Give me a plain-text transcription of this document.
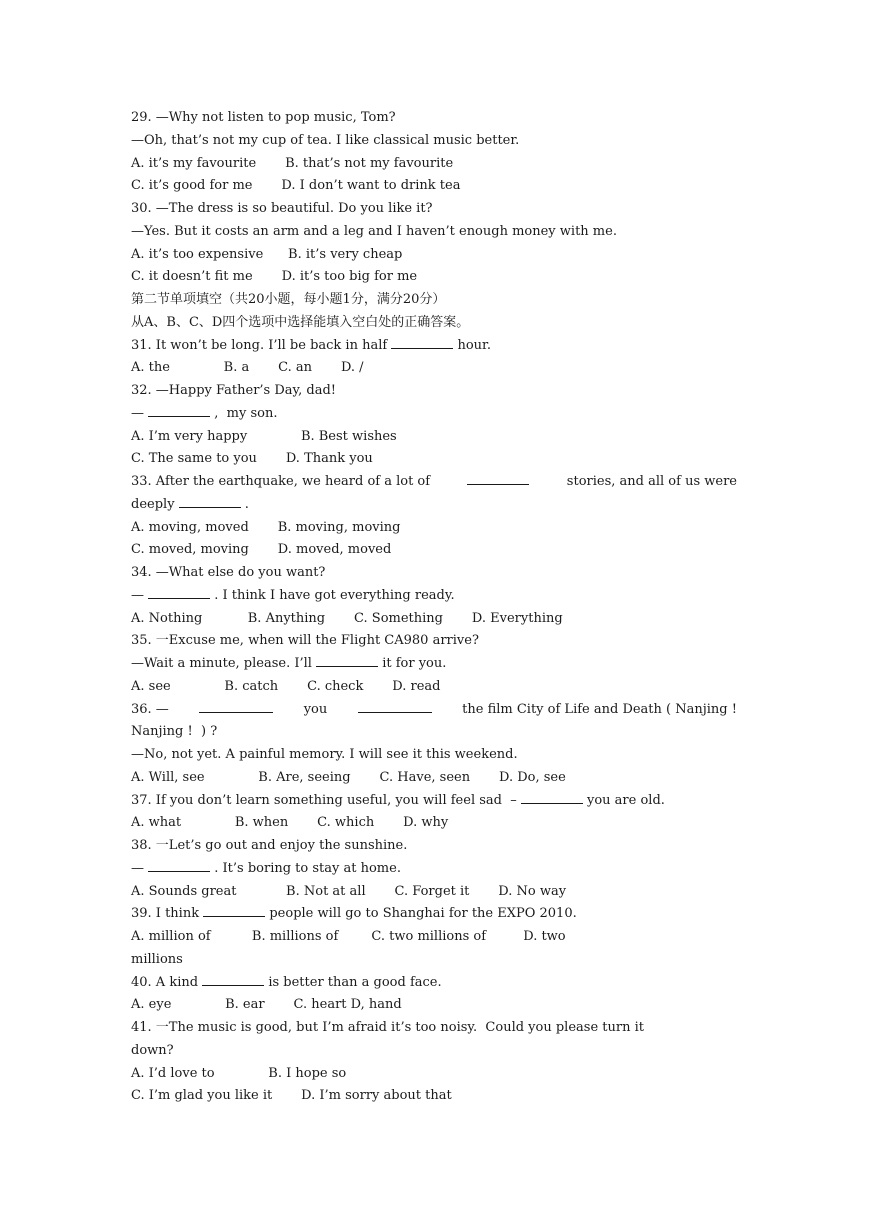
29. —Why not listen to pop music, Tom?
—Oh, that’s not my cup of tea. I like classical music better.
A. it’s my favourite       B. that’s not my favourite
C. it’s good for me       D. I don’t want to drink tea
30. —The dress is so beautiful. Do you like it?
—Yes. But it costs an arm and a leg and I haven’t enough money with me.
A. it’s too expensive      B. it’s very cheap
C. it doesn’t fit me       D. it’s too big for me
第二节单项填空（共20小题，每小题1分，满分20分）
从A、B、C、D四个选项中选择能填入空白处的正确答案。
31. It won’t be long. I’ll be back in half	hour.
A. the             B. a       C. an       D. /
32. —Happy Father’s Day, dad!
—	,  my son.
A. I’m very happy             B. Best wishes
C. The same to you       D. Thank you
33. After the earthquake, we heard of a lot of	stories, and all of us were
deeply	.
A. moving, moved       B. moving, moving
C. moved, moving       D. moved, moved
34. —What else do you want?
—	. I think I have got everything ready.
A. Nothing           B. Anything       C. Something       D. Everything
35. 一Excuse me, when will the Flight CA980 arrive?
—Wait a minute, please. I’ll	it for you.
A. see             B. catch       C. check       D. read
36. —	you	the film City of Life and Death ( Nanjing !
Nanjing !  ) ?
—No, not yet. A painful memory. I will see it this weekend.
A. Will, see             B. Are, seeing       C. Have, seen       D. Do, see
37. If you don’t learn something useful, you will feel sad  –	you are old.
A. what             B. when       C. which       D. why
38. 一Let’s go out and enjoy the sunshine.
—	. It’s boring to stay at home.
A. Sounds great            B. Not at all       C. Forget it       D. No way
39. I think	people will go to Shanghai for the EXPO 2010.
A. million of          B. millions of        C. two millions of         D. two
millions
40. A kind	is better than a good face.
A. eye             B. ear       C. heart D, hand
41. 一The music is good, but I’m afraid it’s too noisy.  Could you please turn it
down?
A. I’d love to             B. I hope so
C. I’m glad you like it       D. I’m sorry about that
